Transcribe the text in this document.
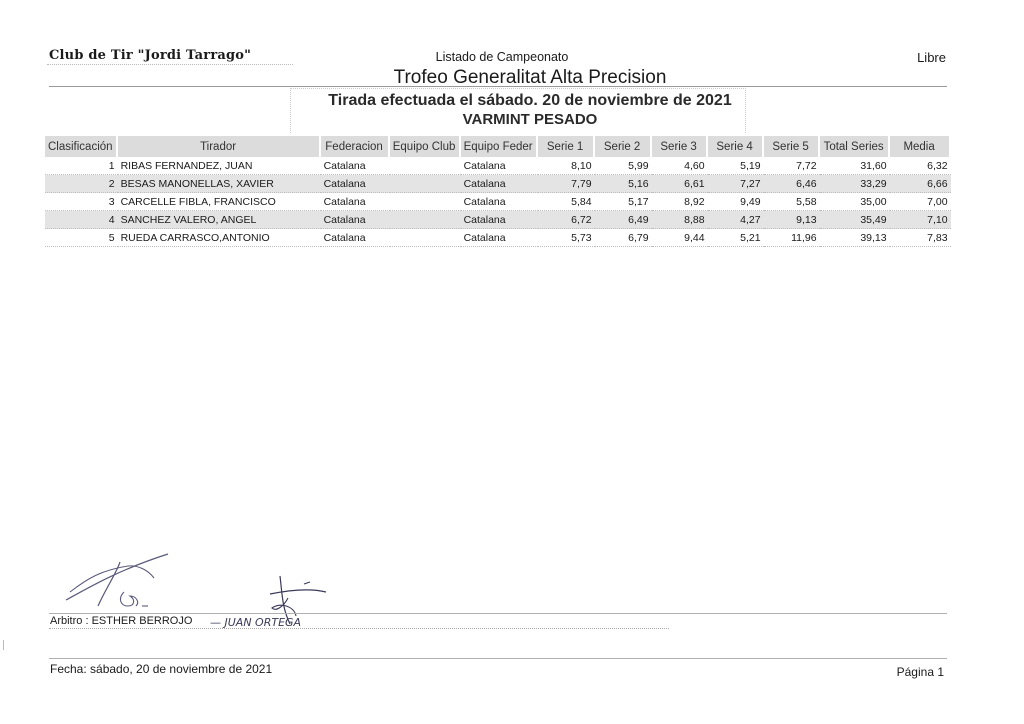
Club de Tir "Jordi Tarrago"	Listado de Campeonato	Libre
Trofeo Generalitat Alta Precision
Tirada efectuada el sábado. 20 de noviembre de 2021
VARMINT PESADO
Clasificación	Tirador	Federacion	Equipo Club	Equipo Feder	Serie 1	Serie 2	Serie 3	Serie 4	Serie 5	Total Series	Media
1	RIBAS FERNANDEZ, JUAN	Catalana		Catalana	8,10	5,99	4,60	5,19	7,72	31,60	6,32
2	BESAS MANONELLAS, XAVIER	Catalana		Catalana	7,79	5,16	6,61	7,27	6,46	33,29	6,66
3	CARCELLE FIBLA, FRANCISCO	Catalana		Catalana	5,84	5,17	8,92	9,49	5,58	35,00	7,00
4	SANCHEZ VALERO, ANGEL	Catalana		Catalana	6,72	6,49	8,88	4,27	9,13	35,49	7,10
5	RUEDA CARRASCO,ANTONIO	Catalana		Catalana	5,73	6,79	9,44	5,21	11,96	39,13	7,83
Arbitro : ESTHER BERROJO — JUAN ORTEGA
Fecha: sábado, 20 de noviembre de 2021	Página 1
